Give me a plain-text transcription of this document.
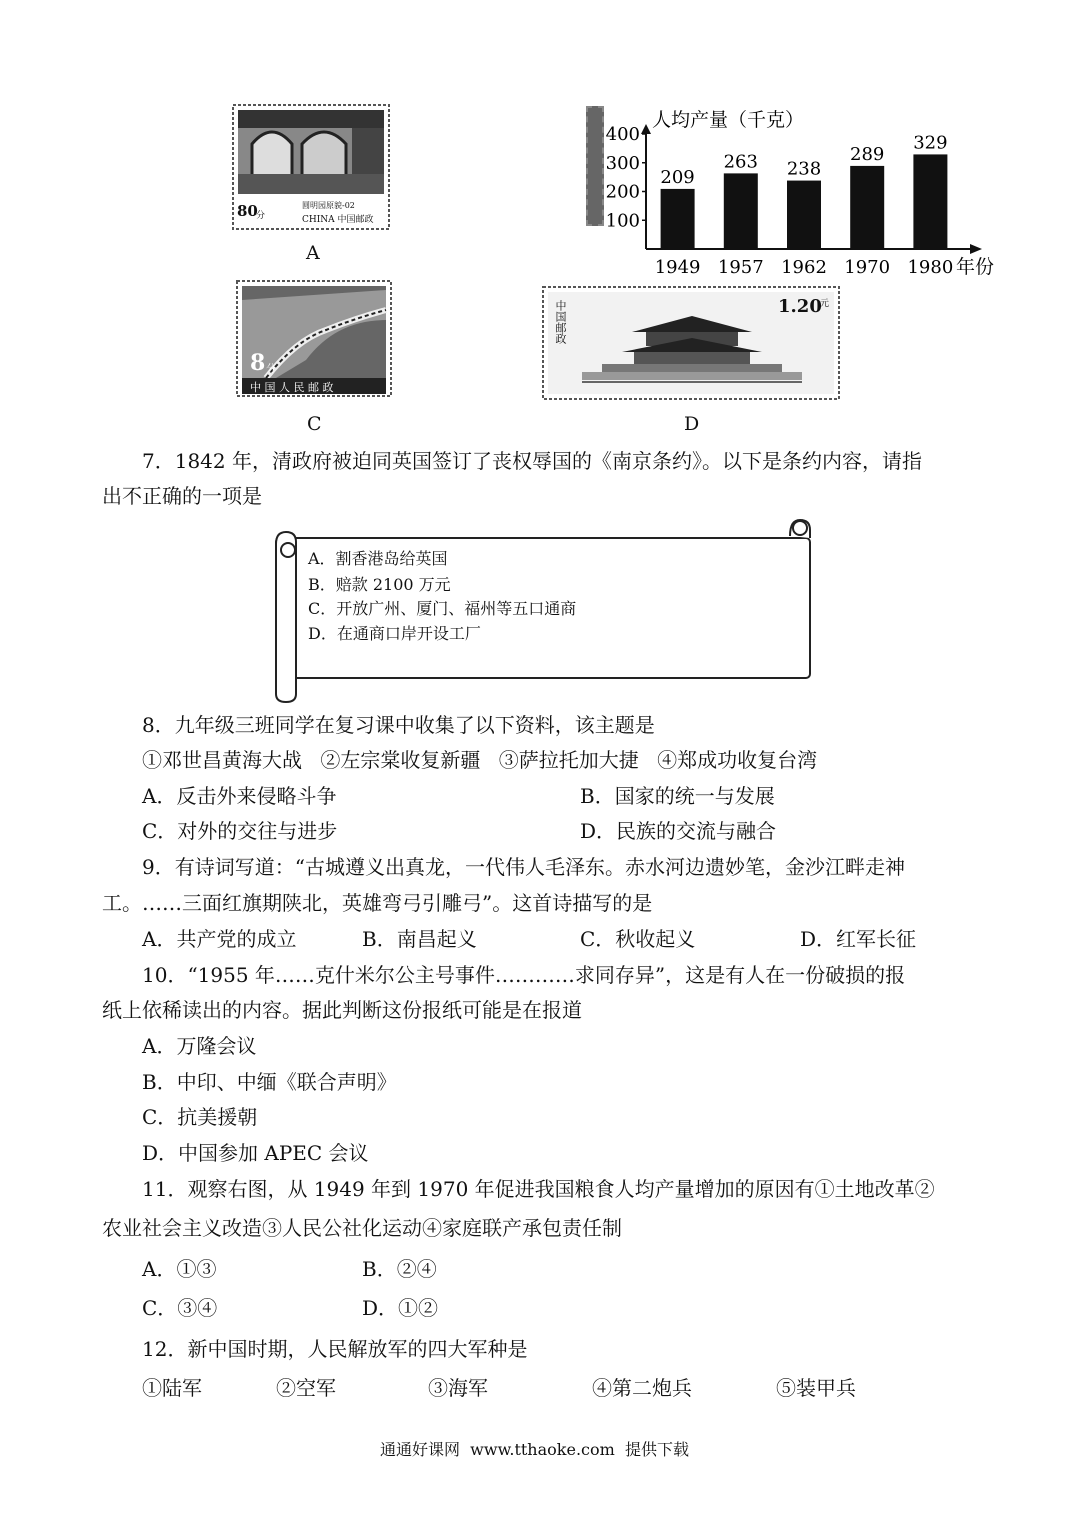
80
分
圆明园原貌-02
CHINA 中国邮政
A
人均产量（千克）
年份
100
200
300
400
209
1949
263
1957
238
1962
289
1970
329
1980
8 分
中 国 人 民 邮 政
C
1.20
元
中国邮政
D
7．1842 年，清政府被迫同英国签订了丧权辱国的《南京条约》。以下是条约内容，请指
出不正确的一项是
A．割香港岛给英国
B．赔款 2100 万元
C．开放广州、厦门、福州等五口通商
D．在通商口岸开设工厂
8．九年级三班同学在复习课中收集了以下资料，该主题是
①邓世昌黄海大战 ②左宗棠收复新疆 ③萨拉托加大捷 ④郑成功收复台湾
A．反击外来侵略斗争	B．国家的统一与发展
C．对外的交往与进步	D．民族的交流与融合
9．有诗词写道：“古城遵义出真龙，一代伟人毛泽东。赤水河边遗妙笔，金沙江畔走神
工。……三面红旗期陕北，英雄弯弓引雕弓”。这首诗描写的是
A．共产党的成立	B．南昌起义	C．秋收起义	D．红军长征
10．“1955 年……克什米尔公主号事件…………求同存异”，这是有人在一份破损的报
纸上依稀读出的内容。据此判断这份报纸可能是在报道
A．万隆会议
B．中印、中缅《联合声明》
C．抗美援朝
D．中国参加 APEC 会议
11．观察右图，从 1949 年到 1970 年促进我国粮食人均产量增加的原因有①土地改革②
农业社会主义改造③人民公社化运动④家庭联产承包责任制
A．①③	B．②④
C．③④	D．①②
12．新中国时期，人民解放军的四大军种是
①陆军	②空军	③海军	④第二炮兵	⑤装甲兵
通通好课网  www.tthaoke.com  提供下载
